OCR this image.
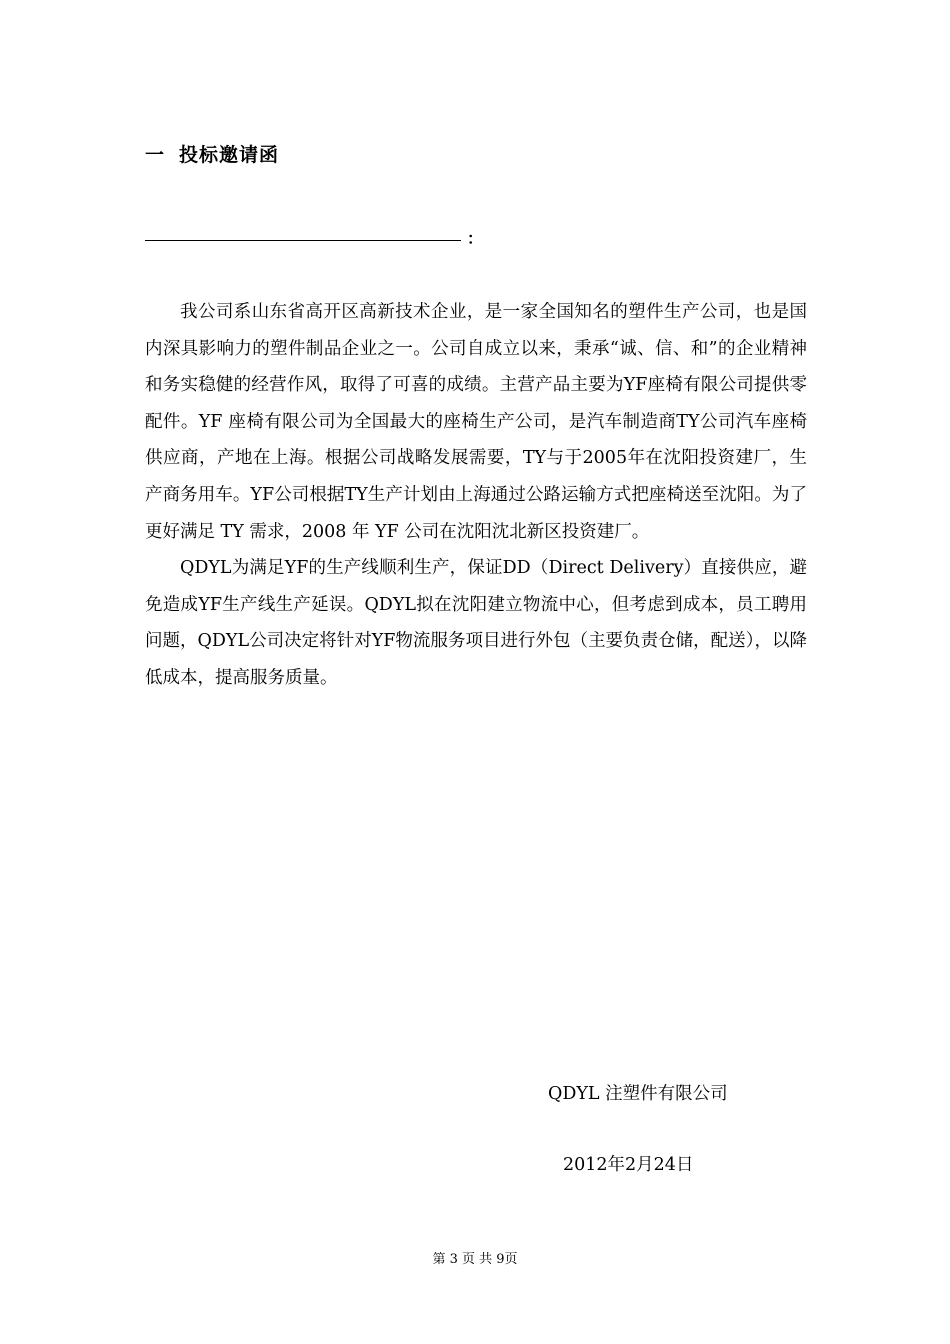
一 投标邀请函
：

我公司系山东省高开区高新技术企业，是一家全国知名的塑件生产公司，也是国内深具影响力的塑件制品企业之一。公司自成立以来，秉承“诚、信、和”的企业精神和务实稳健的经营作风，取得了可喜的成绩。主营产品主要为YF座椅有限公司提供零配件。YF 座椅有限公司为全国最大的座椅生产公司，是汽车制造商TY公司汽车座椅供应商，产地在上海。根据公司战略发展需要，TY与于2005年在沈阳投资建厂，生产商务用车。YF公司根据TY生产计划由上海通过公路运输方式把座椅送至沈阳。为了更好满足 TY 需求，2008 年 YF 公司在沈阳沈北新区投资建厂。

QDYL为满足YF的生产线顺利生产，保证DD（Direct Delivery）直接供应，避免造成YF生产线生产延误。QDYL拟在沈阳建立物流中心，但考虑到成本，员工聘用问题，QDYL公司决定将针对YF物流服务项目进行外包（主要负责仓储，配送），以降低成本，提高服务质量。

QDYL 注塑件有限公司
2012年2月24日
第 3 页 共 9页
